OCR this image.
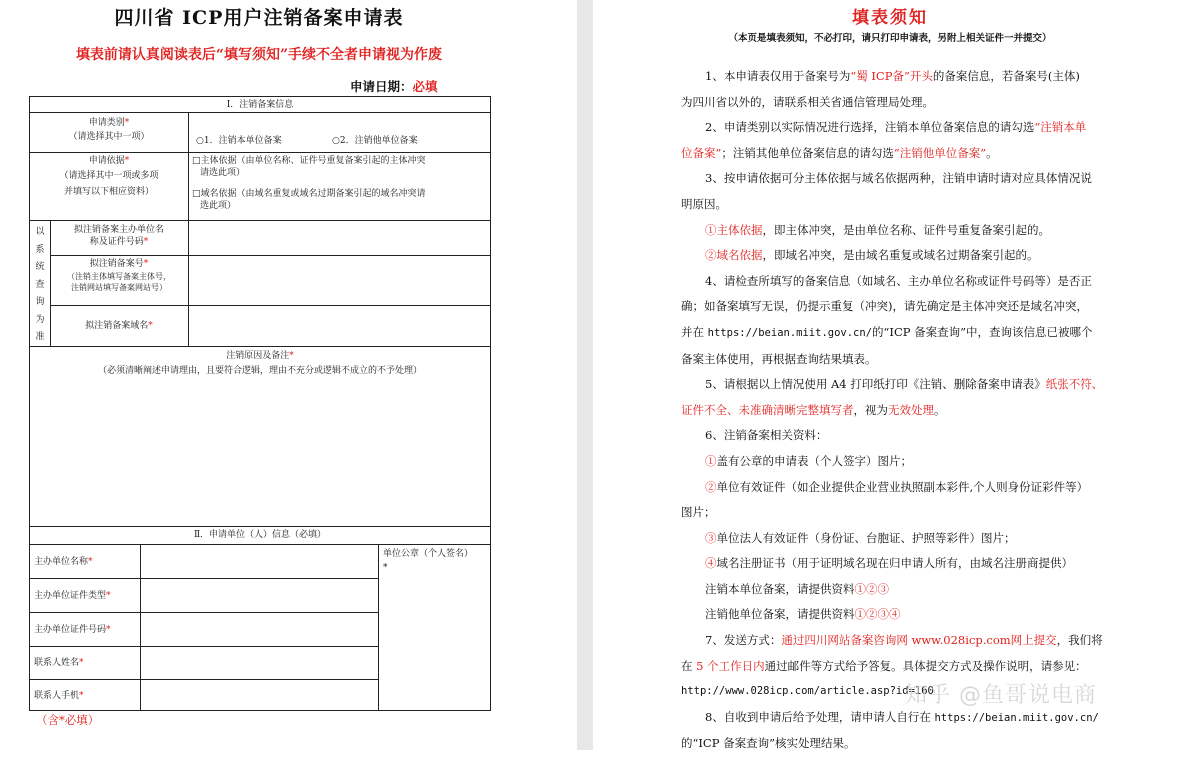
四川省 ICP用户注销备案申请表
填表前请认真阅读表后“填写须知”手续不全者申请视为作废
申请日期：必填
Ⅰ．注销备案信息
申请类别*
（请选择其中一项）	○1．注销本单位备案	○2．注销他单位备案
申请依据*
（请选择其中一项或多项
并填写以下相应资料）
□主体依据（由单位名称、证件号重复备案引起的主体冲突
请选此项）
□域名依据（由域名重复或域名过期备案引起的域名冲突请
选此项）
以
系
统
查
询
为
准
拟注销备案主办单位名
称及证件号码*
拟注销备案号*
（注销主体填写备案主体号，
注销网站填写备案网站号）
拟注销备案域名*
注销原因及备注*
（必须清晰阐述申请理由，且要符合逻辑，理由不充分或逻辑不成立的不予处理）
Ⅱ．申请单位（人）信息（必填）
主办单位名称*
主办单位证件类型*
主办单位证件号码*
联系人姓名*
联系人手机*
单位公章（个人签名）
*
（含*必填）
填表须知
（本页是填表须知，不必打印，请只打印申请表，另附上相关证件一并提交）
1、本申请表仅用于备案号为“蜀 ICP备”开头的备案信息，若备案号(主体)
为四川省以外的，请联系相关省通信管理局处理。
2、申请类别以实际情况进行选择，注销本单位备案信息的请勾选“注销本单
位备案”；注销其他单位备案信息的请勾选“注销他单位备案”。
3、按申请依据可分主体依据与域名依据两种，注销申请时请对应具体情况说
明原因。
①主体依据，即主体冲突，是由单位名称、证件号重复备案引起的。
②域名依据，即域名冲突，是由域名重复或域名过期备案引起的。
4、请检查所填写的备案信息（如域名、主办单位名称或证件号码等）是否正
确；如备案填写无误，仍提示重复（冲突)，请先确定是主体冲突还是域名冲突，
并在 https://beian.miit.gov.cn/的“ICP 备案查询”中，查询该信息已被哪个
备案主体使用，再根据查询结果填表。
5、请根据以上情况使用 A4 打印纸打印《注销、删除备案申请表》纸张不符、
证件不全、未准确清晰完整填写者，视为无效处理。
6、注销备案相关资料：
①盖有公章的申请表（个人签字）图片；
②单位有效证件（如企业提供企业营业执照副本彩件,个人则身份证彩件等）
图片；
③单位法人有效证件（身份证、台胞证、护照等彩件）图片；
④域名注册证书（用于证明域名现在归申请人所有，由域名注册商提供）
注销本单位备案，请提供资料①②③
注销他单位备案，请提供资料①②③④
7、发送方式：通过四川网站备案咨询网 www.028icp.com网上提交，我们将
在 5 个工作日内通过邮件等方式给予答复。具体提交方式及操作说明，请参见：
http://www.028icp.com/article.asp?id=160
8、自收到申请后给予处理，请申请人自行在 https://beian.miit.gov.cn/
的“ICP 备案查询”核实处理结果。
知乎 @鱼哥说电商
